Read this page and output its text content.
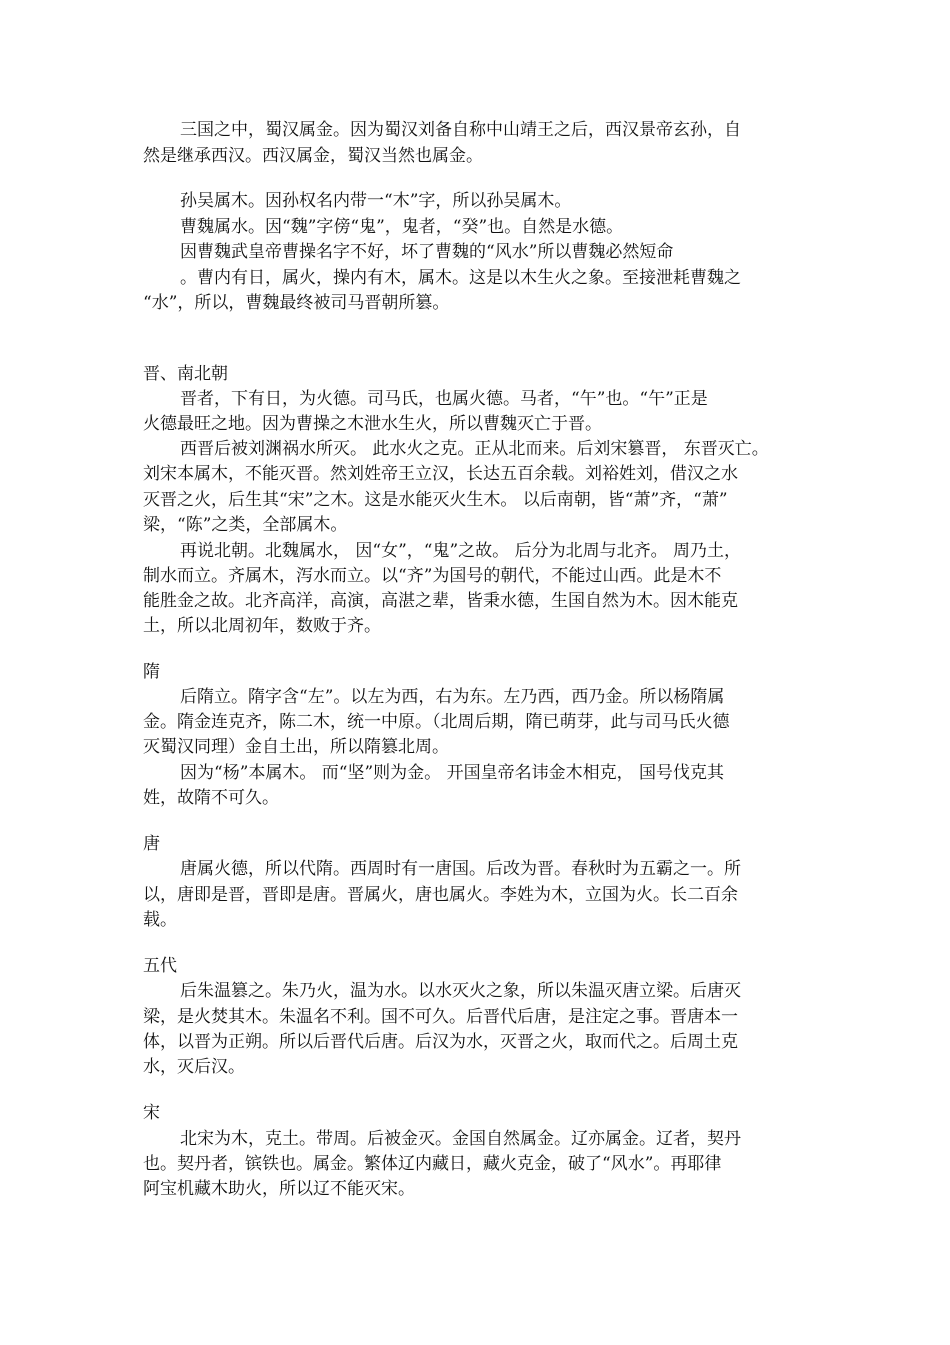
三国之中，蜀汉属金。因为蜀汉刘备自称中山靖王之后，西汉景帝玄孙，自

然是继承西汉。西汉属金，蜀汉当然也属金。

孙吴属木。因孙权名内带一“木”字，所以孙吴属木。

曹魏属水。因“魏”字傍“鬼”，鬼者，“癸”也。自然是水德。

因曹魏武皇帝曹操名字不好，坏了曹魏的“风水”所以曹魏必然短命

。曹内有日，属火，操内有木，属木。这是以木生火之象。至接泄耗曹魏之

“水”，所以，曹魏最终被司马晋朝所篡。

晋、南北朝

晋者，下有日，为火德。司马氏，也属火德。马者，“午”也。“午”正是

火德最旺之地。因为曹操之木泄水生火，所以曹魏灭亡于晋。

西晋后被刘渊祸水所灭。 此水火之克。正从北而来。后刘宋篡晋， 东晋灭亡。

刘宋本属木，不能灭晋。然刘姓帝王立汉，长达五百余载。刘裕姓刘，借汉之水

灭晋之火，后生其“宋”之木。这是水能灭火生木。 以后南朝，皆“萧”齐，“萧”

梁，“陈”之类，全部属木。

再说北朝。北魏属水， 因“女”，“鬼”之故。 后分为北周与北齐。 周乃土，

制水而立。齐属木，泻水而立。以“齐”为国号的朝代，不能过山西。此是木不

能胜金之故。北齐高洋，高演，高湛之辈，皆秉水德，生国自然为木。因木能克

土，所以北周初年，数败于齐。

隋

后隋立。隋字含“左”。以左为西，右为东。左乃西，西乃金。所以杨隋属

金。隋金连克齐，陈二木，统一中原。（北周后期，隋已萌芽，此与司马氏火德

灭蜀汉同理）金自土出，所以隋篡北周。

因为“杨”本属木。 而“坚”则为金。 开国皇帝名讳金木相克， 国号伐克其

姓，故隋不可久。

唐

唐属火德，所以代隋。西周时有一唐国。后改为晋。春秋时为五霸之一。所

以，唐即是晋，晋即是唐。晋属火，唐也属火。李姓为木，立国为火。长二百余

载。

五代

后朱温篡之。朱乃火，温为水。以水灭火之象，所以朱温灭唐立梁。后唐灭

梁，是火焚其木。朱温名不利。国不可久。后晋代后唐，是注定之事。晋唐本一

体，以晋为正朔。所以后晋代后唐。后汉为水，灭晋之火，取而代之。后周土克

水，灭后汉。

宋

北宋为木，克土。带周。后被金灭。金国自然属金。辽亦属金。辽者，契丹

也。契丹者，镔铁也。属金。繁体辽内藏日，藏火克金，破了“风水”。再耶律

阿宝机藏木助火，所以辽不能灭宋。
